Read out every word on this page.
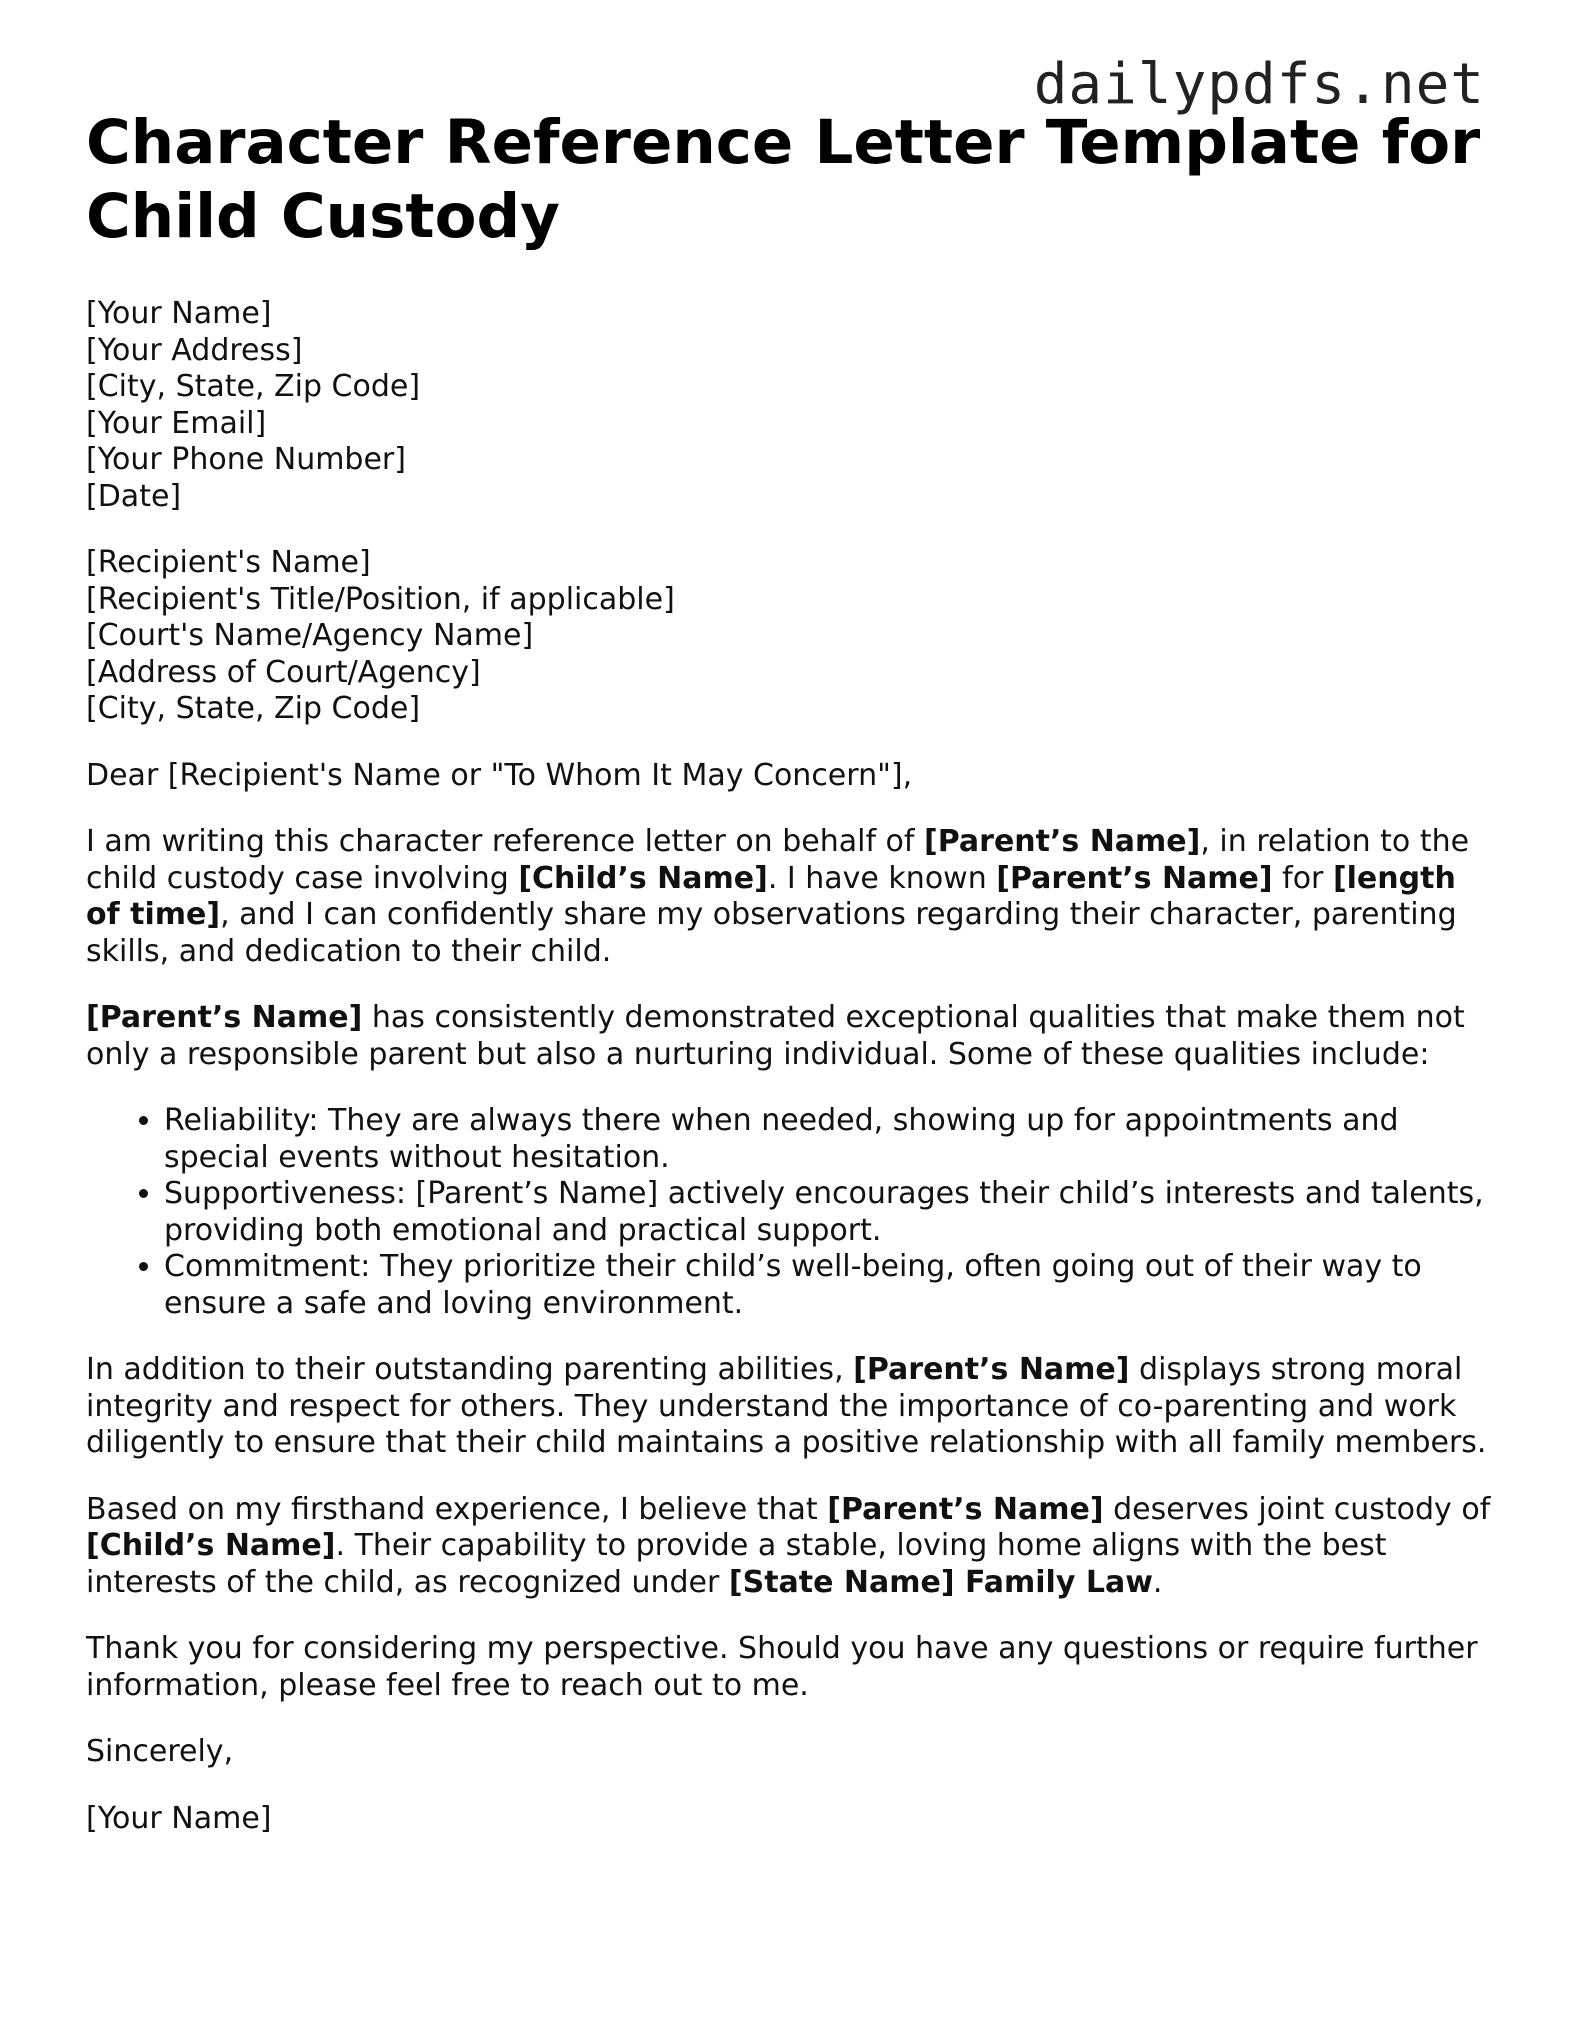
dailypdfs.net
Character Reference Letter Template for Child Custody
[Your Name]
[Your Address]
[City, State, Zip Code]
[Your Email]
[Your Phone Number]
[Date]
[Recipient's Name]
[Recipient's Title/Position, if applicable]
[Court's Name/Agency Name]
[Address of Court/Agency]
[City, State, Zip Code]

Dear [Recipient's Name or "To Whom It May Concern"],

I am writing this character reference letter on behalf of [Parent’s Name], in relation to the child custody case involving [Child’s Name]. I have known [Parent’s Name] for [length of time], and I can confidently share my observations regarding their character, parenting skills, and dedication to their child.

[Parent’s Name] has consistently demonstrated exceptional qualities that make them not only a responsible parent but also a nurturing individual. Some of these qualities include:

• Reliability: They are always there when needed, showing up for appointments and special events without hesitation.
• Supportiveness: [Parent’s Name] actively encourages their child’s interests and talents, providing both emotional and practical support.
• Commitment: They prioritize their child’s well-being, often going out of their way to ensure a safe and loving environment.

In addition to their outstanding parenting abilities, [Parent’s Name] displays strong moral integrity and respect for others. They understand the importance of co-parenting and work diligently to ensure that their child maintains a positive relationship with all family members.

Based on my firsthand experience, I believe that [Parent’s Name] deserves joint custody of [Child’s Name]. Their capability to provide a stable, loving home aligns with the best interests of the child, as recognized under [State Name] Family Law.

Thank you for considering my perspective. Should you have any questions or require further information, please feel free to reach out to me.

Sincerely,

[Your Name]
